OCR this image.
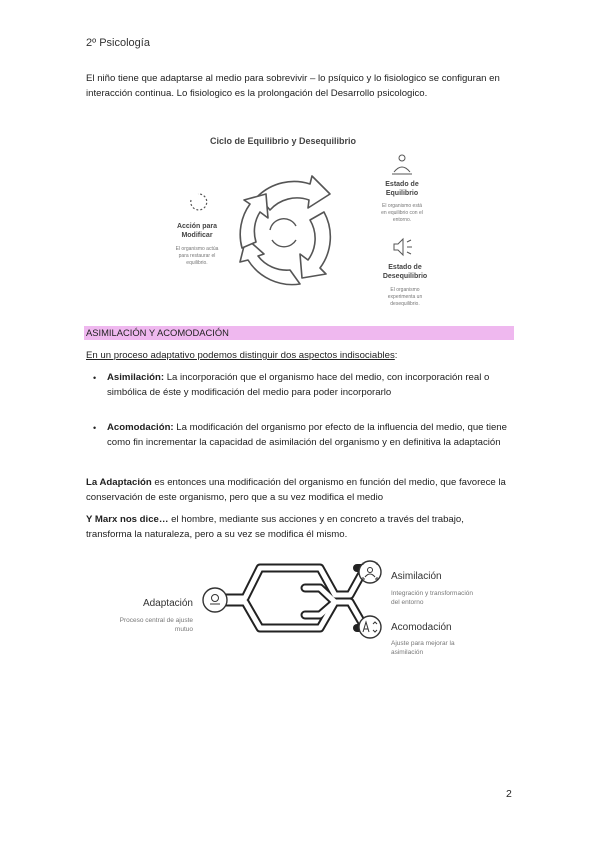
2º Psicología
El niño tiene que adaptarse al medio para sobrevivir – lo psíquico y lo fisiologico se configuran en interacción continua. Lo fisiologico es la prolongación del Desarrollo psicologico.
Ciclo de Equilibrio y Desequilibrio
Acción para
Modificar
El organismo actúa
para restaurar el
equilibrio.
Estado de
Equilibrio
El organismo está
en equilibrio con el
entorno.
Estado de
Desequilibrio
El organismo
experimenta un
desequilibrio.
ASIMILACIÓN Y ACOMODACIÓN
En un proceso adaptativo podemos distinguir dos aspectos indisociables:
• Asimilación: La incorporación que el organismo hace del medio, con incorporación real o simbólica de éste y modificación del medio para poder incorporarlo
• Acomodación: La modificación del organismo por efecto de la influencia del medio, que tiene como fin incrementar la capacidad de asimilación del organismo y en definitiva la adaptación
La Adaptación es entonces una modificación del organismo en función del medio, que favorece la conservación de este organismo, pero que a su vez modifica el medio
Y Marx nos dice… el hombre, mediante sus acciones y en concreto a través del trabajo, transforma la naturaleza, pero a su vez se modifica él mismo.
Adaptación
Proceso central de ajuste
mutuo
Asimilación
Integración y transformación
del entorno
Acomodación
Ajuste para mejorar la
asimilación
2
